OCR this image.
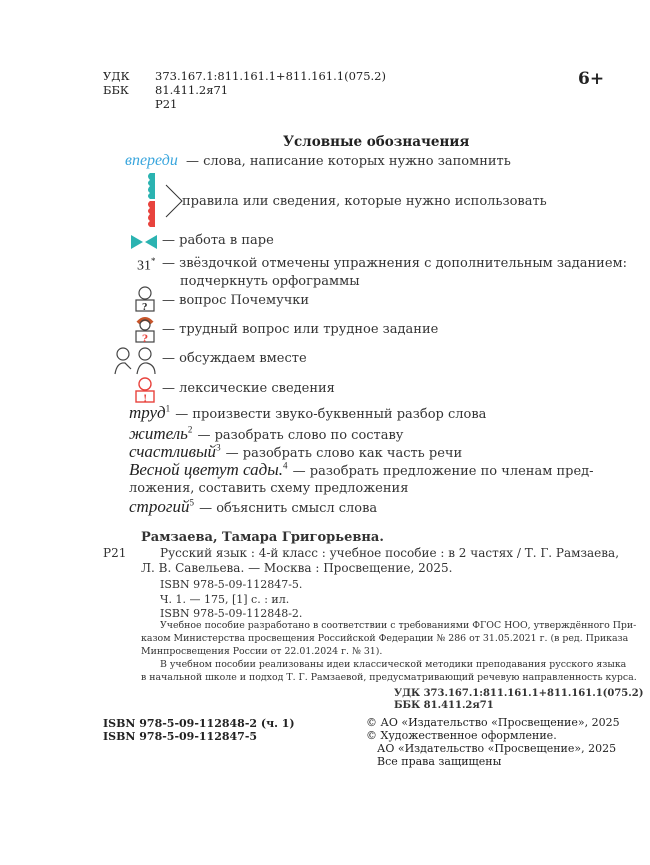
УДК 373.167.1:811.161.1+811.161.1(075.2)
ББК 81.411.2я71
Р21
6+
Условные обозначения
вnереди — слова, написание которых нужно запомнить
правила или сведения, которые нужно использовать
— работа в паре
31* — звёздочкой отмечены упражнения с дополнительным заданием:
подчеркнуть орфограммы
? — вопрос Почемучки
?
— трудный вопрос или трудное задание
— обсуждаем вместе
!
— лексические сведения
труд$^1$ — произвести звуко-буквенный разбор слова
житель$^2$ — разобрать слово по составу
счастливый$^3$ — разобрать слово как часть речи
Весной цветут сады.$^4$ — разобрать предложение по членам пред-
ложения, составить схему предложения
строгий$^5$ — объяснить смысл слова
Рамзаева, Тамара Григорьевна.
Р21	Русский язык : 4-й класс : учебное пособие : в 2 частях / Т. Г. Рамзаева,
Л. В. Савельева. — Москва : Просвещение, 2025.
ISBN 978-5-09-112847-5.
Ч. 1. — 175, [1] с. : ил.
ISBN 978-5-09-112848-2.
Учебное пособие разработано в соответствии с требованиями ФГОС НОО, утверждённого При-
казом Министерства просвещения Российской Федерации № 286 от 31.05.2021 г. (в ред. Приказа
Минпросвещения России от 22.01.2024 г. № 31).
В учебном пособии реализованы идеи классической методики преподавания русского языка
в начальной школе и подход Т. Г. Рамзаевой, предусматривающий речевую направленность курса.
УДК 373.167.1:811.161.1+811.161.1(075.2)
ББК 81.411.2я71
ISBN 978-5-09-112848-2 (ч. 1)
ISBN 978-5-09-112847-5
© АО «Издательство «Просвещение», 2025
© Художественное оформление.
АО «Издательство «Просвещение», 2025
Все права защищены
